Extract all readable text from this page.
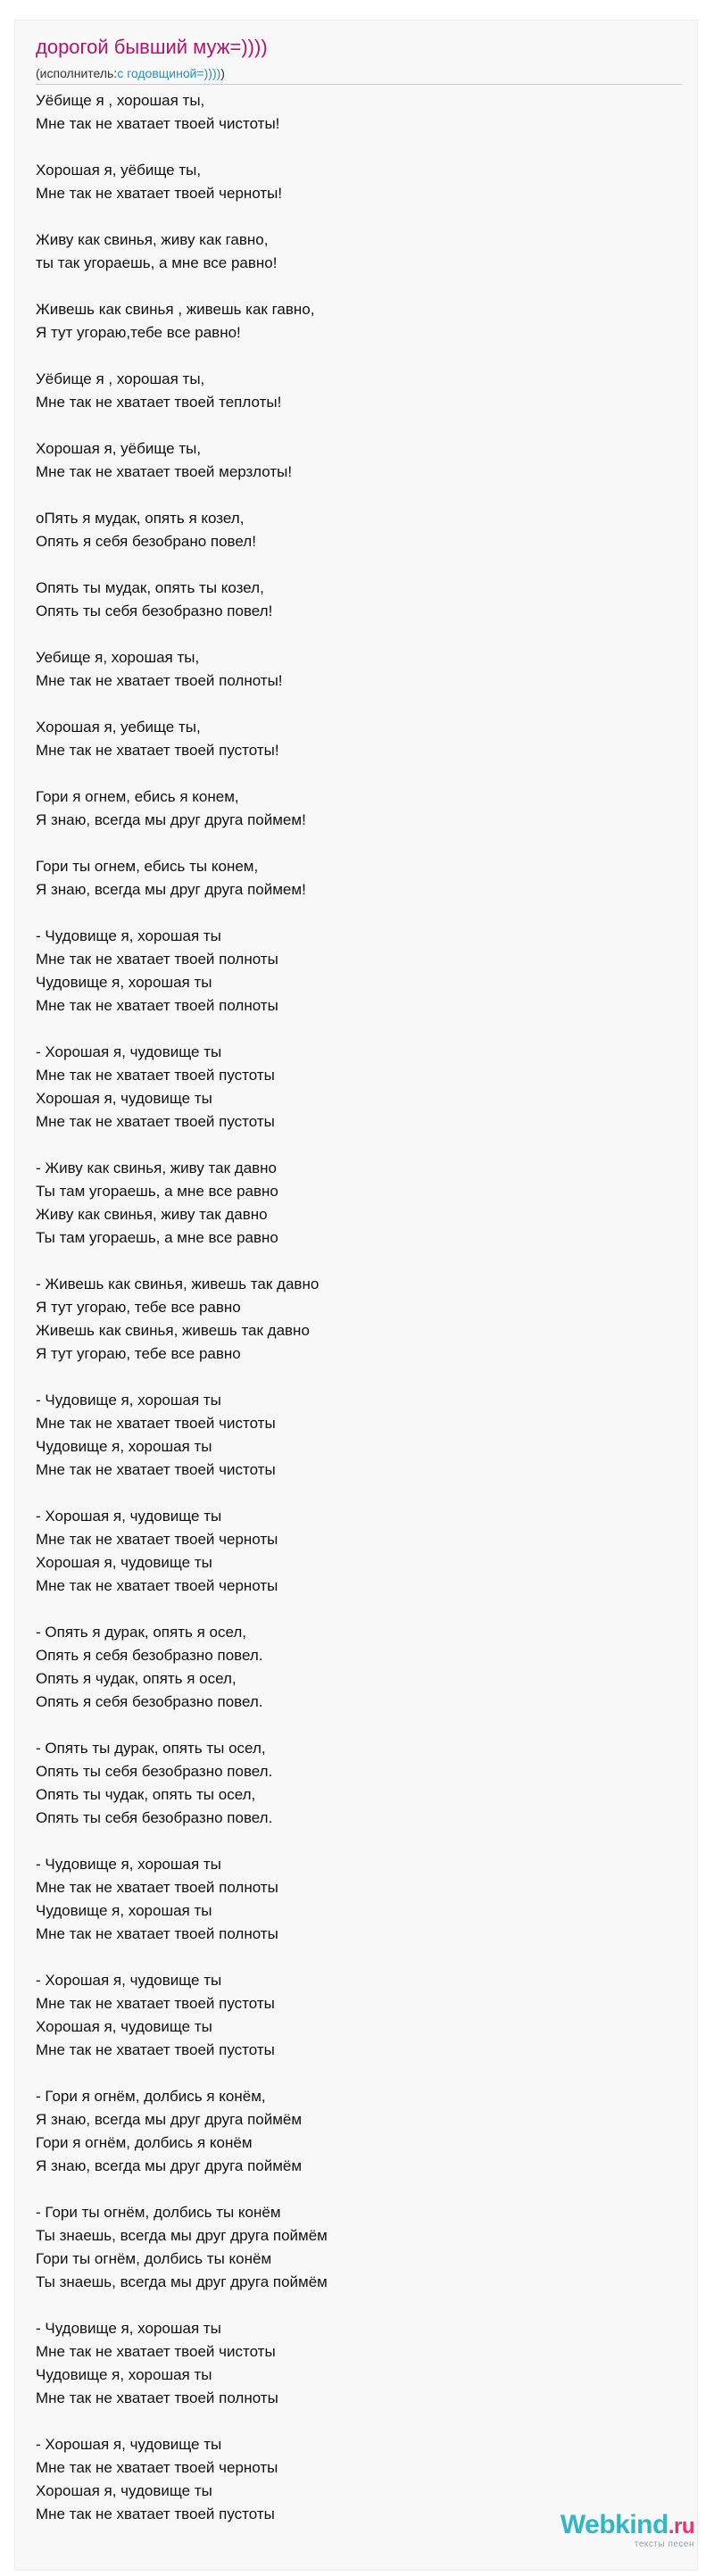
дорогой бывший муж=))))
(исполнитель:с годовщиной=)))))
Уёбище я , хорошая ты,
Мне так не хватает твоей чистоты!
Хорошая я, уёбище ты,
Мне так не хватает твоей черноты!
Живу как свинья, живу как гавно,
ты так угораешь, а мне все равно!
Живешь как свинья , живешь как гавно,
Я тут угораю,тебе все равно!
Уёбище я , хорошая ты,
Мне так не хватает твоей теплоты!
Хорошая я, уёбище ты,
Мне так не хватает твоей мерзлоты!
оПять я мудак, опять я козел,
Опять я себя безобрано повел!
Опять ты мудак, опять ты козел,
Опять ты себя безобразно повел!
Уебище я, хорошая ты,
Мне так не хватает твоей полноты!
Хорошая я, уебище ты,
Мне так не хватает твоей пустоты!
Гори я огнем, ебись я конем,
Я знаю, всегда мы друг друга поймем!
Гори ты огнем, ебись ты конем,
Я знаю, всегда мы друг друга поймем!
- Чудовище я, хорошая ты
Мне так не хватает твоей полноты
Чудовище я, хорошая ты
Мне так не хватает твоей полноты
- Хорошая я, чудовище ты
Мне так не хватает твоей пустоты
Хорошая я, чудовище ты
Мне так не хватает твоей пустоты
- Живу как свинья, живу так давно
Ты там угораешь, а мне все равно
Живу как свинья, живу так давно
Ты там угораешь, а мне все равно
- Живешь как свинья, живешь так давно
Я тут угораю, тебе все равно
Живешь как свинья, живешь так давно
Я тут угораю, тебе все равно
- Чудовище я, хорошая ты
Мне так не хватает твоей чистоты
Чудовище я, хорошая ты
Мне так не хватает твоей чистоты
- Хорошая я, чудовище ты
Мне так не хватает твоей черноты
Хорошая я, чудовище ты
Мне так не хватает твоей черноты
- Опять я дурак, опять я осел,
Опять я себя безобразно повел.
Опять я чудак, опять я осел,
Опять я себя безобразно повел.
- Опять ты дурак, опять ты осел,
Опять ты себя безобразно повел.
Опять ты чудак, опять ты осел,
Опять ты себя безобразно повел.
- Чудовище я, хорошая ты
Мне так не хватает твоей полноты
Чудовище я, хорошая ты
Мне так не хватает твоей полноты
- Хорошая я, чудовище ты
Мне так не хватает твоей пустоты
Хорошая я, чудовище ты
Мне так не хватает твоей пустоты
- Гори я огнём, долбись я конём,
Я знаю, всегда мы друг друга поймём
Гори я огнём, долбись я конём
Я знаю, всегда мы друг друга поймём
- Гори ты огнём, долбись ты конём
Ты знаешь, всегда мы друг друга поймём
Гори ты огнём, долбись ты конём
Ты знаешь, всегда мы друг друга поймём
- Чудовище я, хорошая ты
Мне так не хватает твоей чистоты
Чудовище я, хорошая ты
Мне так не хватает твоей полноты
- Хорошая я, чудовище ты
Мне так не хватает твоей черноты
Хорошая я, чудовище ты
Мне так не хватает твоей пустоты	Webkind.ru
тексты песен
